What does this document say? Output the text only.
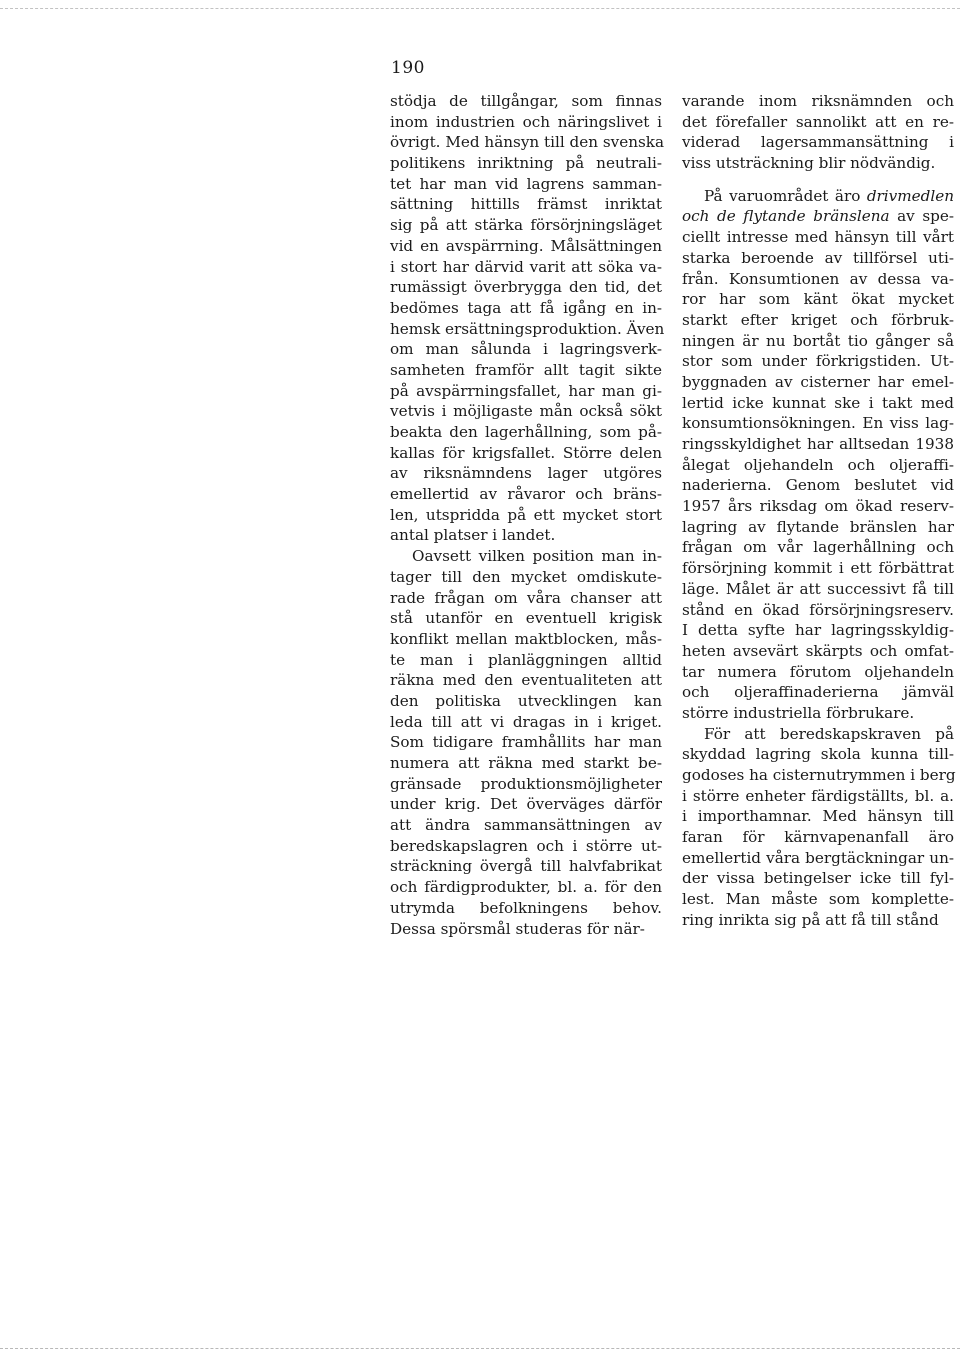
190
stödja de tillgångar, som finnas
inom industrien och näringslivet i
övrigt. Med hänsyn till den svenska
politikens inriktning på neutrali-
tet har man vid lagrens samman-
sättning hittills främst inriktat
sig på att stärka försörjningsläget
vid en avspärrning. Målsättningen
i stort har därvid varit att söka va-
rumässigt överbrygga den tid, det
bedömes taga att få igång en in-
hemsk ersättningsproduktion. Även
om man sålunda i lagringsverk-
samheten framför allt tagit sikte
på avspärrningsfallet, har man gi-
vetvis i möjligaste mån också sökt
beakta den lagerhållning, som på-
kallas för krigsfallet. Större delen
av riksnämndens lager utgöres
emellertid av råvaror och bräns-
len, utspridda på ett mycket stort
antal platser i landet.
Oavsett vilken position man in-
tager till den mycket omdiskute-
rade frågan om våra chanser att
stå utanför en eventuell krigisk
konflikt mellan maktblocken, mås-
te man i planläggningen alltid
räkna med den eventualiteten att
den politiska utvecklingen kan
leda till att vi dragas in i kriget.
Som tidigare framhållits har man
numera att räkna med starkt be-
gränsade produktionsmöjligheter
under krig. Det överväges därför
att ändra sammansättningen av
beredskapslagren och i större ut-
sträckning övergå till halvfabrikat
och färdigprodukter, bl. a. för den
utrymda befolkningens behov.
Dessa spörsmål studeras för när-
varande inom riksnämnden och
det förefaller sannolikt att en re-
viderad lagersammansättning i
viss utsträckning blir nödvändig.
På varuområdet äro drivmedlen
och de flytande bränslena av spe-
ciellt intresse med hänsyn till vårt
starka beroende av tillförsel uti-
från. Konsumtionen av dessa va-
ror har som känt ökat mycket
starkt efter kriget och förbruk-
ningen är nu bortåt tio gånger så
stor som under förkrigstiden. Ut-
byggnaden av cisterner har emel-
lertid icke kunnat ske i takt med
konsumtionsökningen. En viss lag-
ringsskyldighet har alltsedan 1938
ålegat oljehandeln och oljeraffi-
naderierna. Genom beslutet vid
1957 års riksdag om ökad reserv-
lagring av flytande bränslen har
frågan om vår lagerhållning och
försörjning kommit i ett förbättrat
läge. Målet är att successivt få till
stånd en ökad försörjningsreserv.
I detta syfte har lagringsskyldig-
heten avsevärt skärpts och omfat-
tar numera förutom oljehandeln
och oljeraffinaderierna jämväl
större industriella förbrukare.
För att beredskapskraven på
skyddad lagring skola kunna till-
godoses ha cisternutrymmen i berg
i större enheter färdigställts, bl. a.
i importhamnar. Med hänsyn till
faran för kärnvapenanfall äro
emellertid våra bergtäckningar un-
der vissa betingelser icke till fyl-
lest. Man måste som komplette-
ring inrikta sig på att få till stånd
